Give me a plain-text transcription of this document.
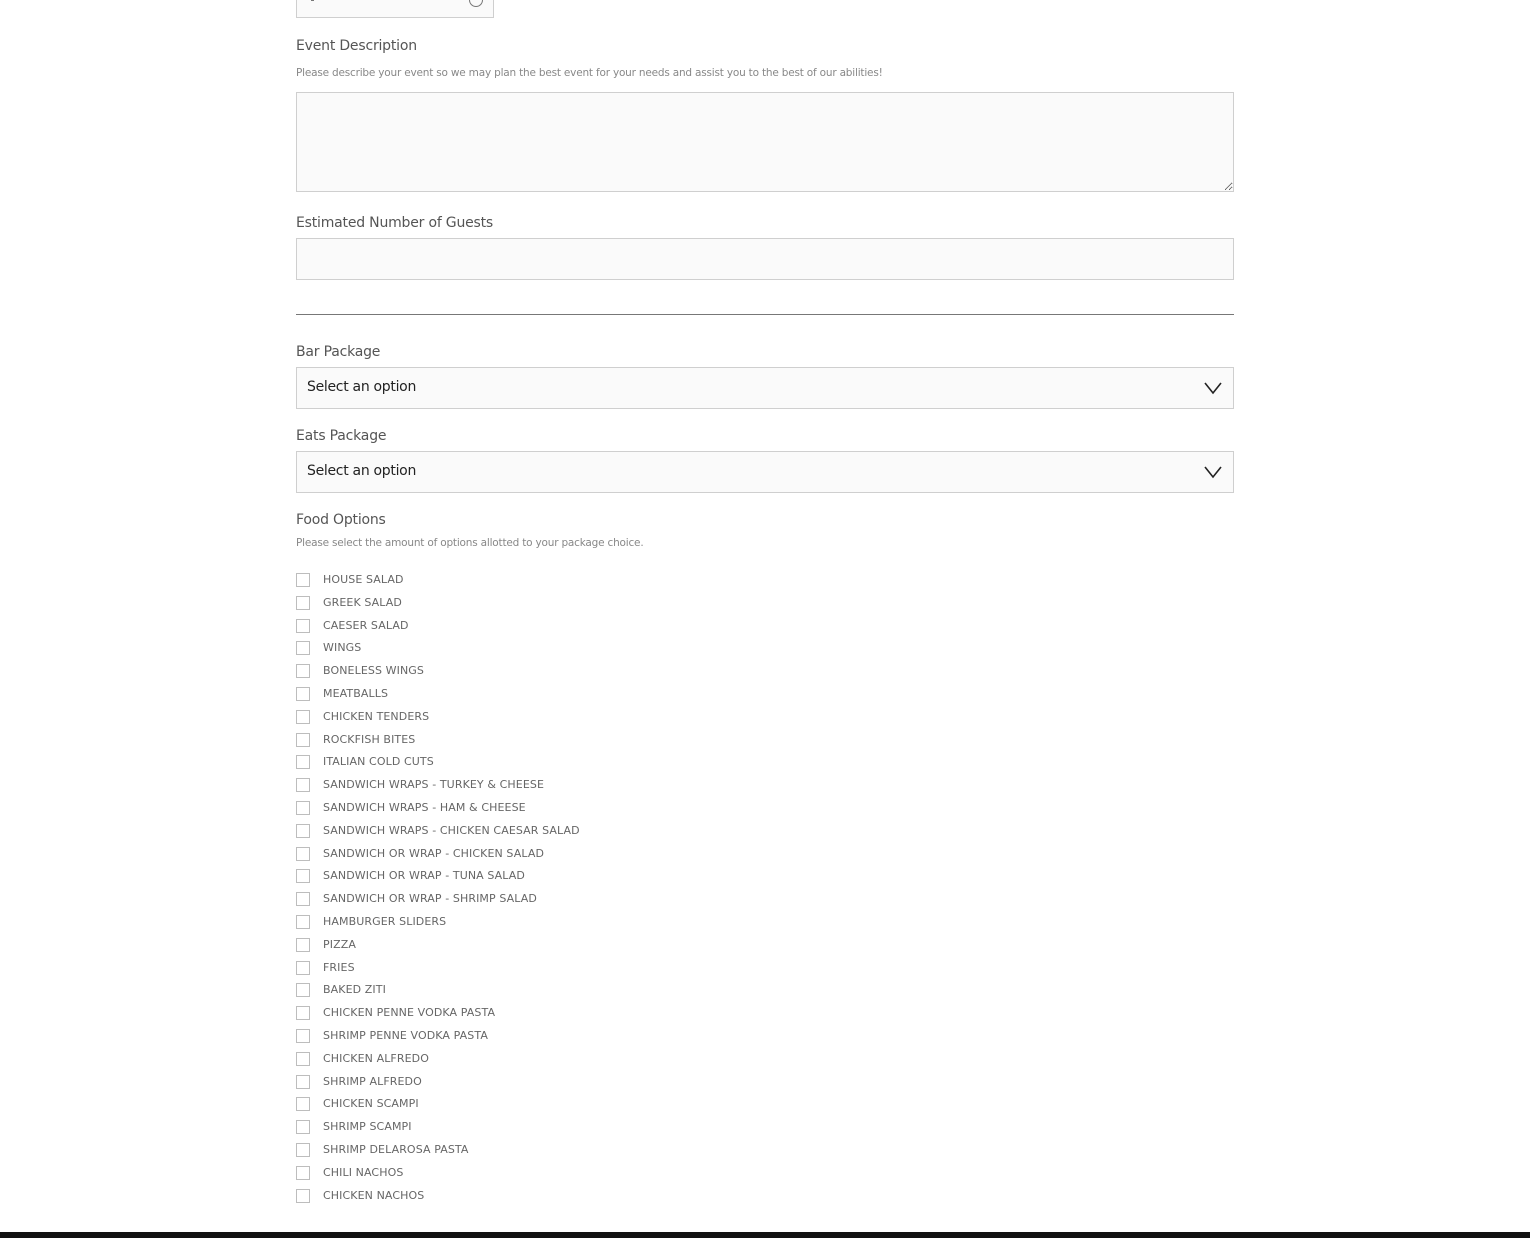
Event Description
Please describe your event so we may plan the best event for your needs and assist you to the best of our abilities!
Estimated Number of Guests
Bar Package
Select an option
Eats Package
Select an option
Food Options
Please select the amount of options allotted to your package choice.
HOUSE SALAD
GREEK SALAD
CAESER SALAD
WINGS
BONELESS WINGS
MEATBALLS
CHICKEN TENDERS
ROCKFISH BITES
ITALIAN COLD CUTS
SANDWICH WRAPS - TURKEY & CHEESE
SANDWICH WRAPS - HAM & CHEESE
SANDWICH WRAPS - CHICKEN CAESAR SALAD
SANDWICH OR WRAP - CHICKEN SALAD
SANDWICH OR WRAP - TUNA SALAD
SANDWICH OR WRAP - SHRIMP SALAD
HAMBURGER SLIDERS
PIZZA
FRIES
BAKED ZITI
CHICKEN PENNE VODKA PASTA
SHRIMP PENNE VODKA PASTA
CHICKEN ALFREDO
SHRIMP ALFREDO
CHICKEN SCAMPI
SHRIMP SCAMPI
SHRIMP DELAROSA PASTA
CHILI NACHOS
CHICKEN NACHOS
